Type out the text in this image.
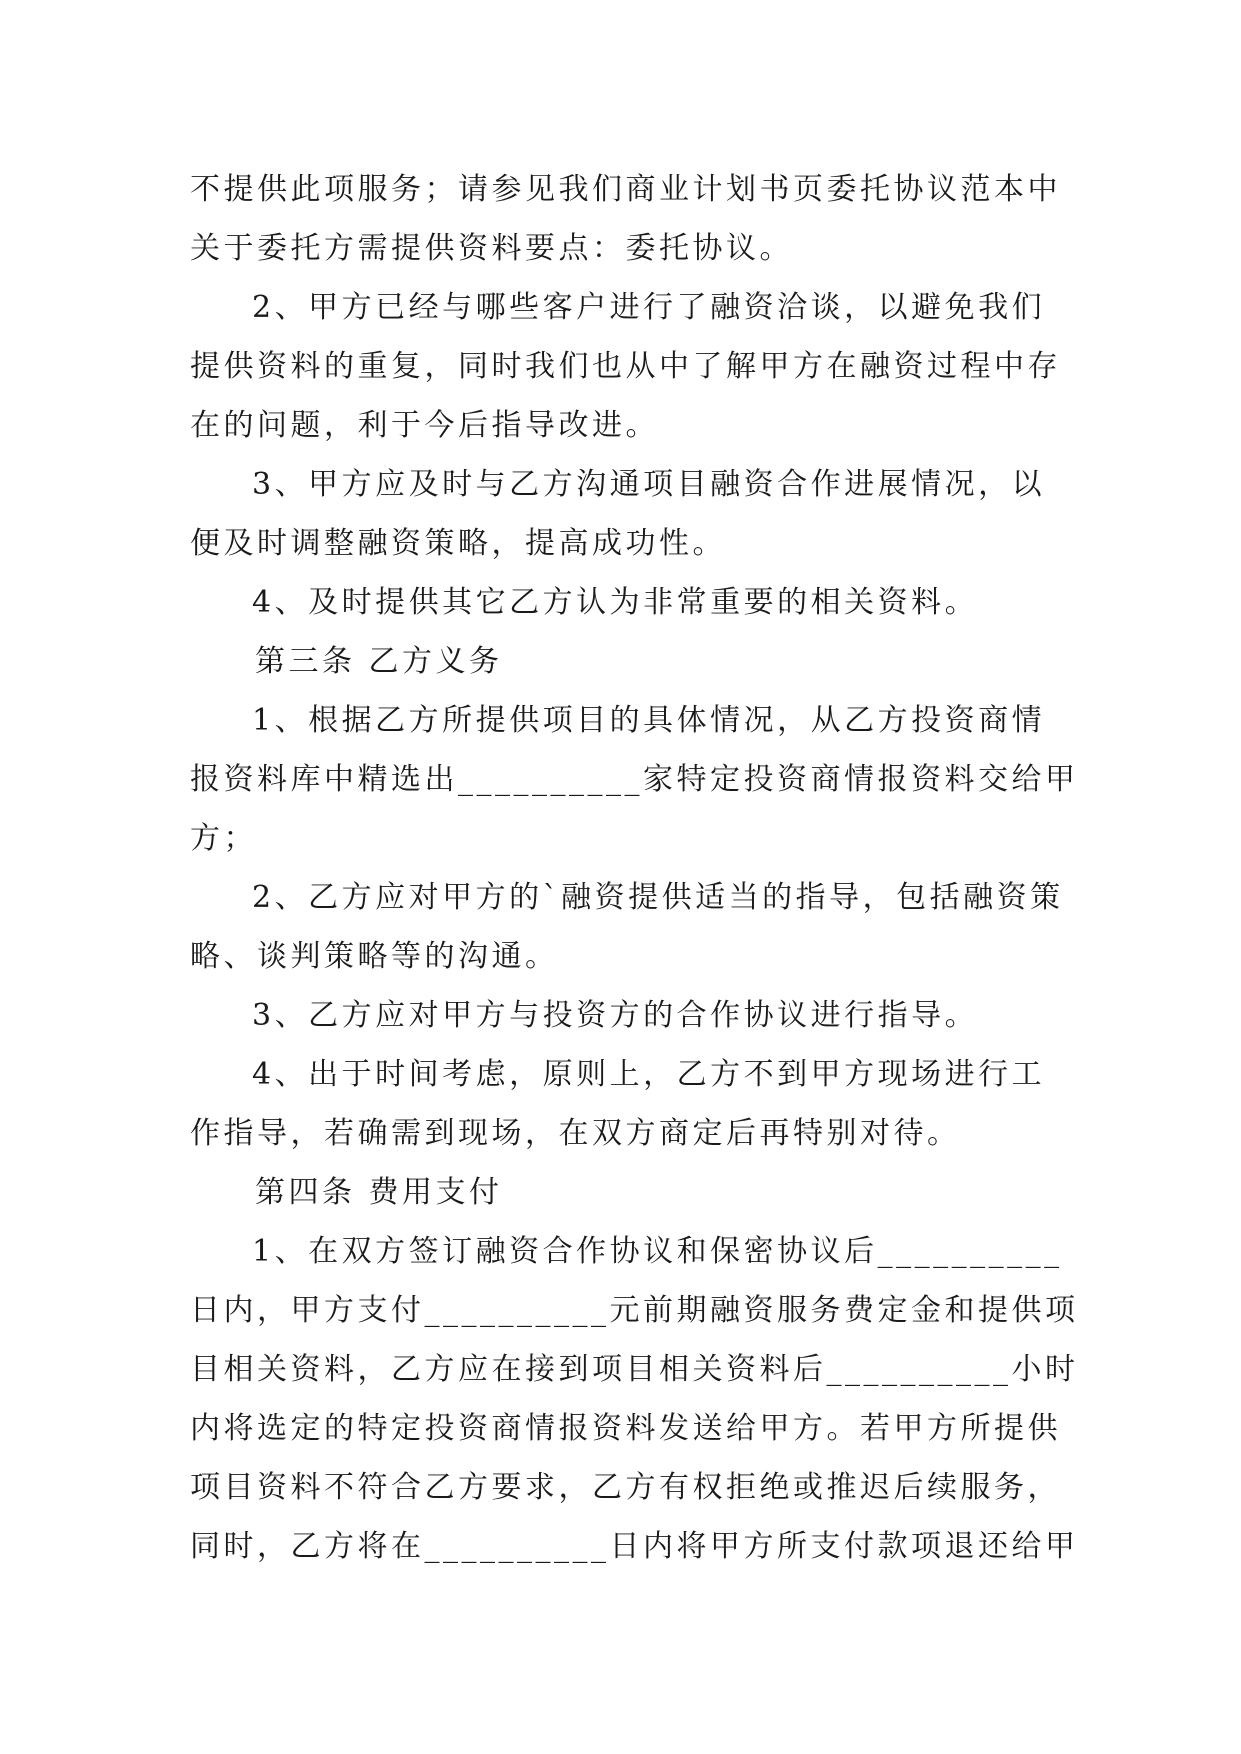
不提供此项服务；请参见我们商业计划书页委托协议范本中
关于委托方需提供资料要点：委托协议。
2、甲方已经与哪些客户进行了融资洽谈，以避免我们
提供资料的重复，同时我们也从中了解甲方在融资过程中存
在的问题，利于今后指导改进。
3、甲方应及时与乙方沟通项目融资合作进展情况，以
便及时调整融资策略，提高成功性。
4、及时提供其它乙方认为非常重要的相关资料。
第三条 乙方义务
1、根据乙方所提供项目的具体情况，从乙方投资商情
报资料库中精选出__________家特定投资商情报资料交给甲
方；
2、乙方应对甲方的`融资提供适当的指导，包括融资策
略、谈判策略等的沟通。
3、乙方应对甲方与投资方的合作协议进行指导。
4、出于时间考虑，原则上，乙方不到甲方现场进行工
作指导，若确需到现场，在双方商定后再特别对待。
第四条 费用支付
1、在双方签订融资合作协议和保密协议后__________
日内，甲方支付__________元前期融资服务费定金和提供项
目相关资料，乙方应在接到项目相关资料后__________小时
内将选定的特定投资商情报资料发送给甲方。若甲方所提供
项目资料不符合乙方要求，乙方有权拒绝或推迟后续服务，
同时，乙方将在__________日内将甲方所支付款项退还给甲
